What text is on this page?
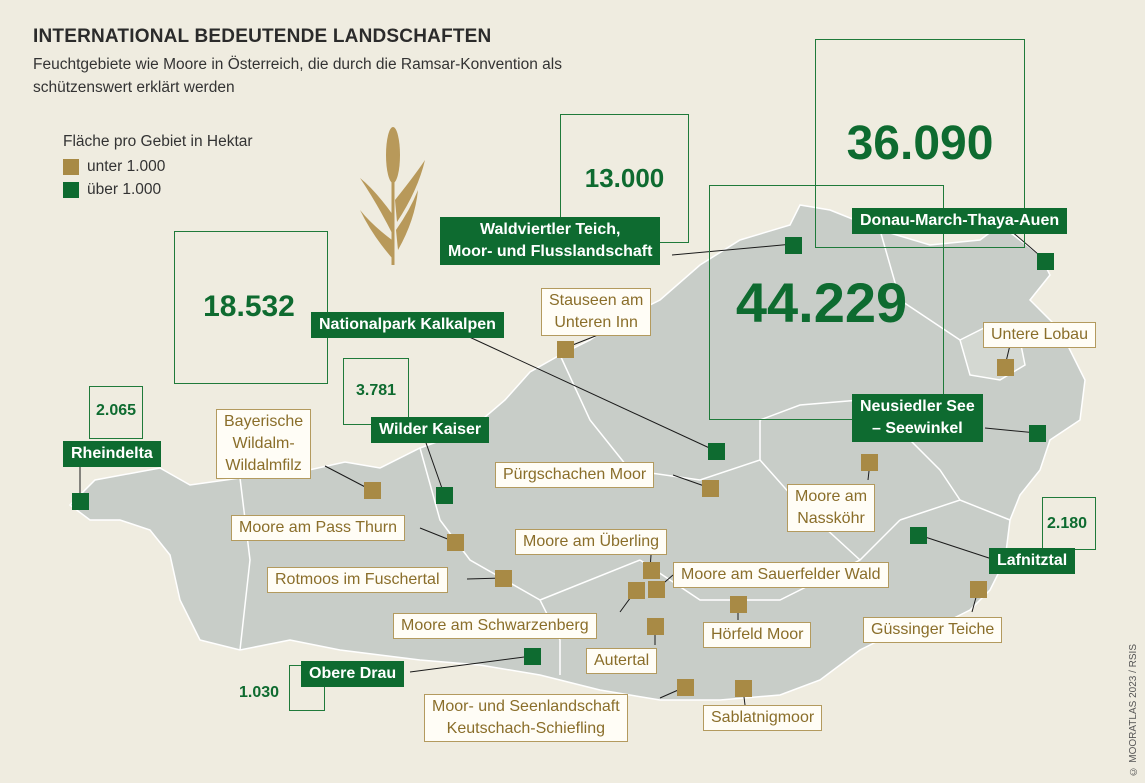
INTERNATIONAL BEDEUTENDE LANDSCHAFTEN
Feuchtgebiete wie Moore in Österreich, die durch die Ramsar-Konvention als schützenswert erklärt werden
Fläche pro Gebiet in Hektar
unter 1.000
über 1.000
44.229
36.090
18.532
13.000
3.781
2.180
2.065
1.030
Donau-March-Thaya-Auen
Waldviertler Teich,
Moor- und Flusslandschaft
Nationalpark Kalkalpen
Stauseen am
Unteren Inn
Untere Lobau
Neusiedler See
– Seewinkel
Wilder Kaiser
Rheindelta
Bayerische
Wildalm-
Wildalmfilz
Pürgschachen Moor
Moore am
Nasskӧhr
Moore am Pass Thurn
Moore am Überling
Moore am Sauerfelder Wald
Lafnitztal
Rotmoos im Fuschertal
Moore am Schwarzenberg
Hӧrfeld Moor	Güssinger Teiche
Autertal
Obere Drau
Moor- und Seenlandschaft
Keutschach-Schiefling
Sablatnigmoor	© MOORATLAS 2023 / RSIS
